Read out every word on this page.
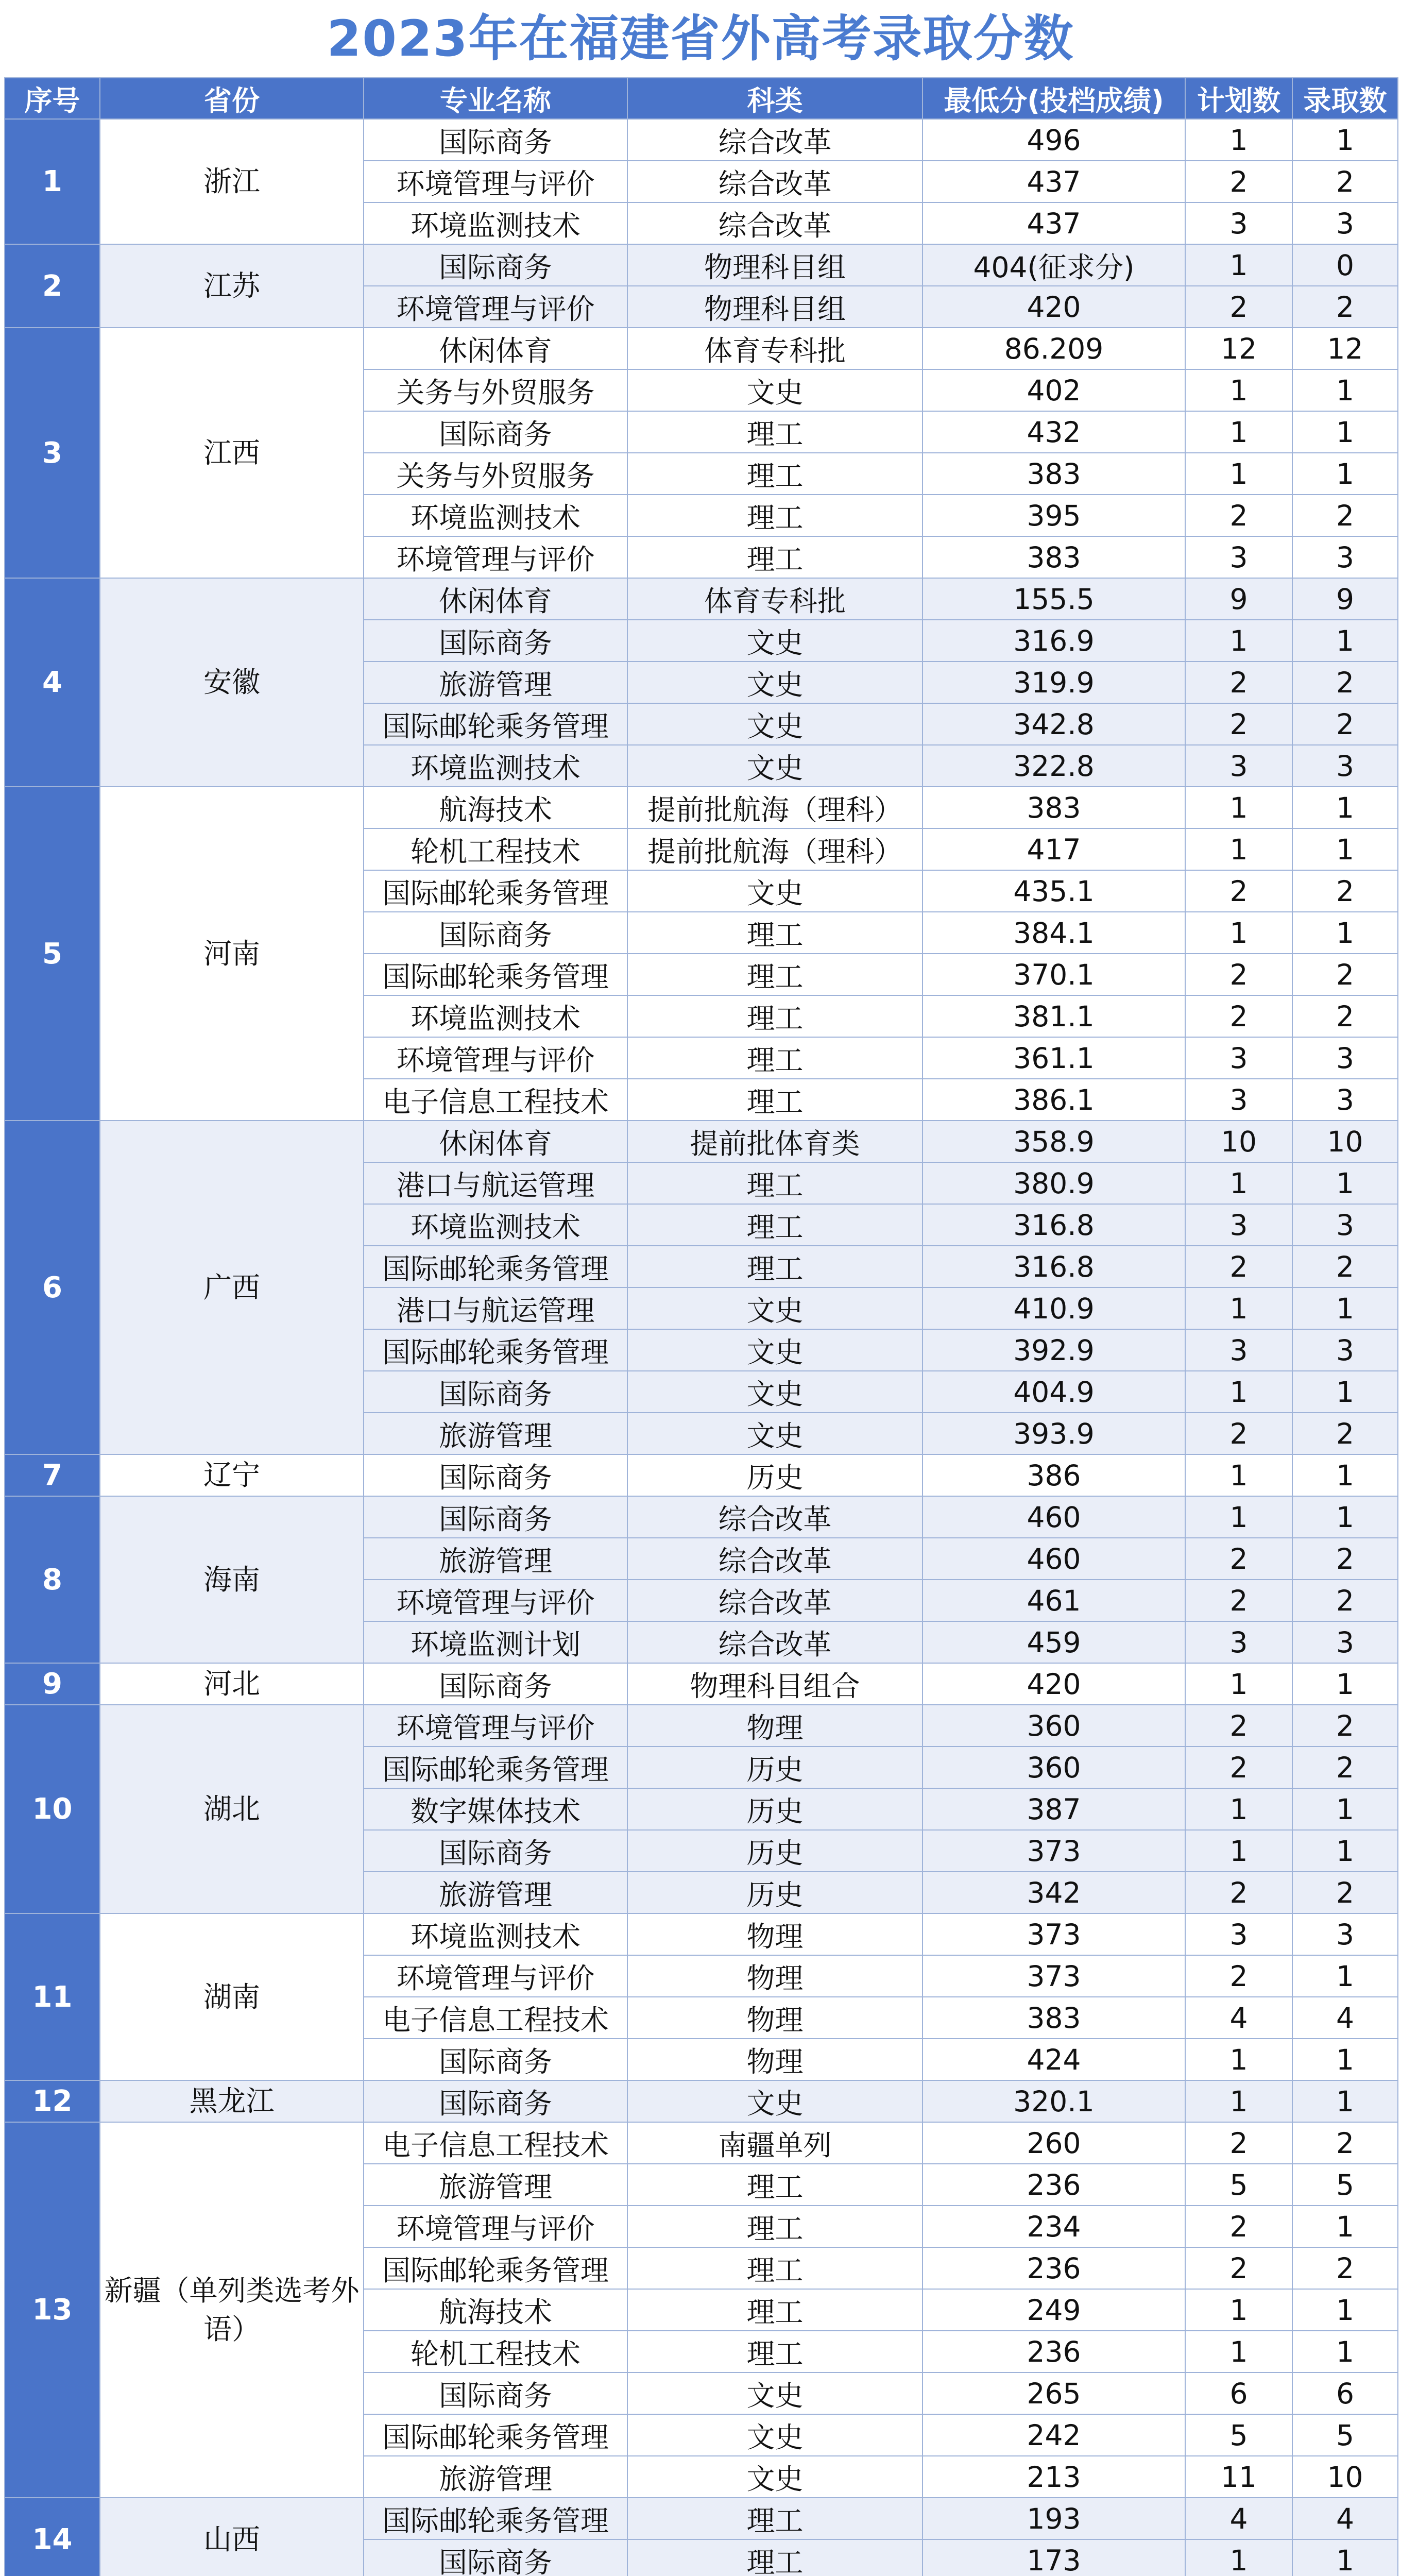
2023年在福建省外高考录取分数
序号	省份	专业名称	科类	最低分(投档成绩)	计划数	录取数
1	浙江	国际商务	综合改革	496	1	1
		环境管理与评价	综合改革	437	2	2
		环境监测技术	综合改革	437	3	3
2	江苏	国际商务	物理科目组	404(征求分)	1	0
		环境管理与评价	物理科目组	420	2	2
3	江西	休闲体育	体育专科批	86.209	12	12
		关务与外贸服务	文史	402	1	1
		国际商务	理工	432	1	1
		关务与外贸服务	理工	383	1	1
		环境监测技术	理工	395	2	2
		环境管理与评价	理工	383	3	3
4	安徽	休闲体育	体育专科批	155.5	9	9
		国际商务	文史	316.9	1	1
		旅游管理	文史	319.9	2	2
		国际邮轮乘务管理	文史	342.8	2	2
		环境监测技术	文史	322.8	3	3
5	河南	航海技术	提前批航海（理科）	383	1	1
		轮机工程技术	提前批航海（理科）	417	1	1
		国际邮轮乘务管理	文史	435.1	2	2
		国际商务	理工	384.1	1	1
		国际邮轮乘务管理	理工	370.1	2	2
		环境监测技术	理工	381.1	2	2
		环境管理与评价	理工	361.1	3	3
		电子信息工程技术	理工	386.1	3	3
6	广西	休闲体育	提前批体育类	358.9	10	10
		港口与航运管理	理工	380.9	1	1
		环境监测技术	理工	316.8	3	3
		国际邮轮乘务管理	理工	316.8	2	2
		港口与航运管理	文史	410.9	1	1
		国际邮轮乘务管理	文史	392.9	3	3
		国际商务	文史	404.9	1	1
		旅游管理	文史	393.9	2	2
7	辽宁	国际商务	历史	386	1	1
8	海南	国际商务	综合改革	460	1	1
		旅游管理	综合改革	460	2	2
		环境管理与评价	综合改革	461	2	2
		环境监测计划	综合改革	459	3	3
9	河北	国际商务	物理科目组合	420	1	1
10	湖北	环境管理与评价	物理	360	2	2
		国际邮轮乘务管理	历史	360	2	2
		数字媒体技术	历史	387	1	1
		国际商务	历史	373	1	1
		旅游管理	历史	342	2	2
11	湖南	环境监测技术	物理	373	3	3
		环境管理与评价	物理	373	2	1
		电子信息工程技术	物理	383	4	4
		国际商务	物理	424	1	1
12	黑龙江	国际商务	文史	320.1	1	1
13	新疆（单列类选考外语）	电子信息工程技术	南疆单列	260	2	2
		旅游管理	理工	236	5	5
		环境管理与评价	理工	234	2	1
		国际邮轮乘务管理	理工	236	2	2
		航海技术	理工	249	1	1
		轮机工程技术	理工	236	1	1
		国际商务	文史	265	6	6
		国际邮轮乘务管理	文史	242	5	5
		旅游管理	文史	213	11	10
14	山西	国际邮轮乘务管理	理工	193	4	4
		国际商务	理工	173	1	1
